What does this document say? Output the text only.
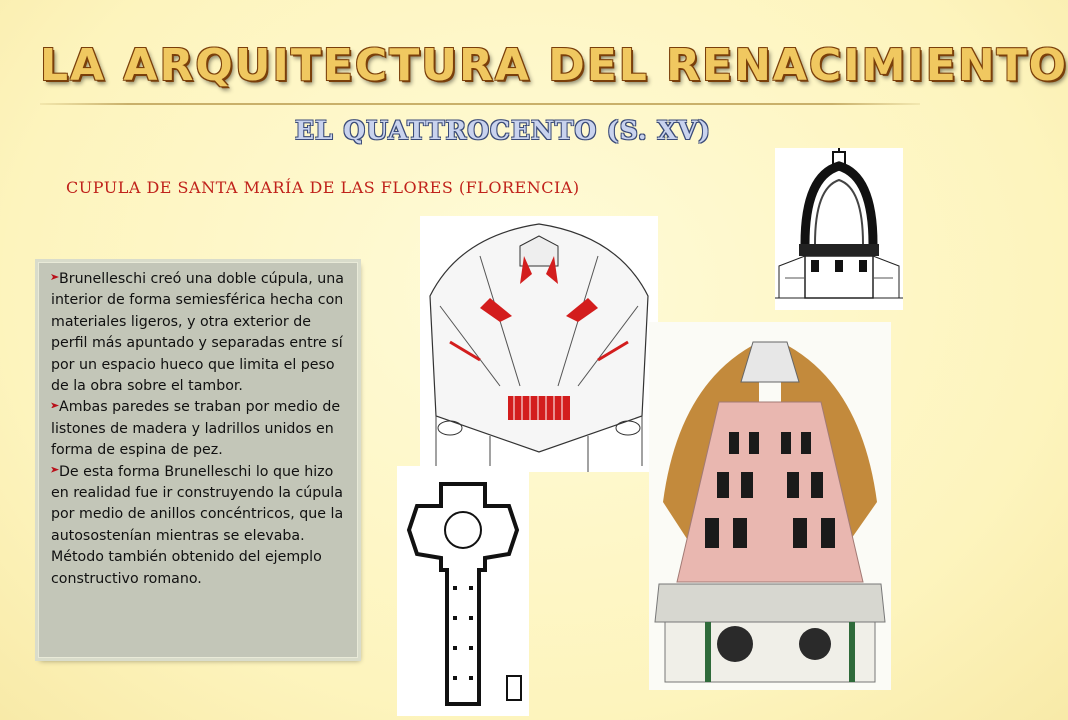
LA ARQUITECTURA DEL RENACIMIENTO
EL QUATTROCENTO (S. XV)
CUPULA DE SANTA MARÍA DE LAS FLORES (FLORENCIA)

Brunelleschi creó una doble cúpula, una interior de forma semiesférica hecha con materiales ligeros, y otra exterior de perfil más apuntado y separadas entre sí por un espacio hueco que limita el peso de la obra sobre el tambor.

Ambas paredes se traban por medio de listones de madera y ladrillos unidos en forma de espina de pez.

De esta forma Brunelleschi lo que hizo en realidad fue ir construyendo la cúpula por medio de anillos concéntricos, que la autosostenían mientras se elevaba. Método también obtenido del ejemplo constructivo romano.
